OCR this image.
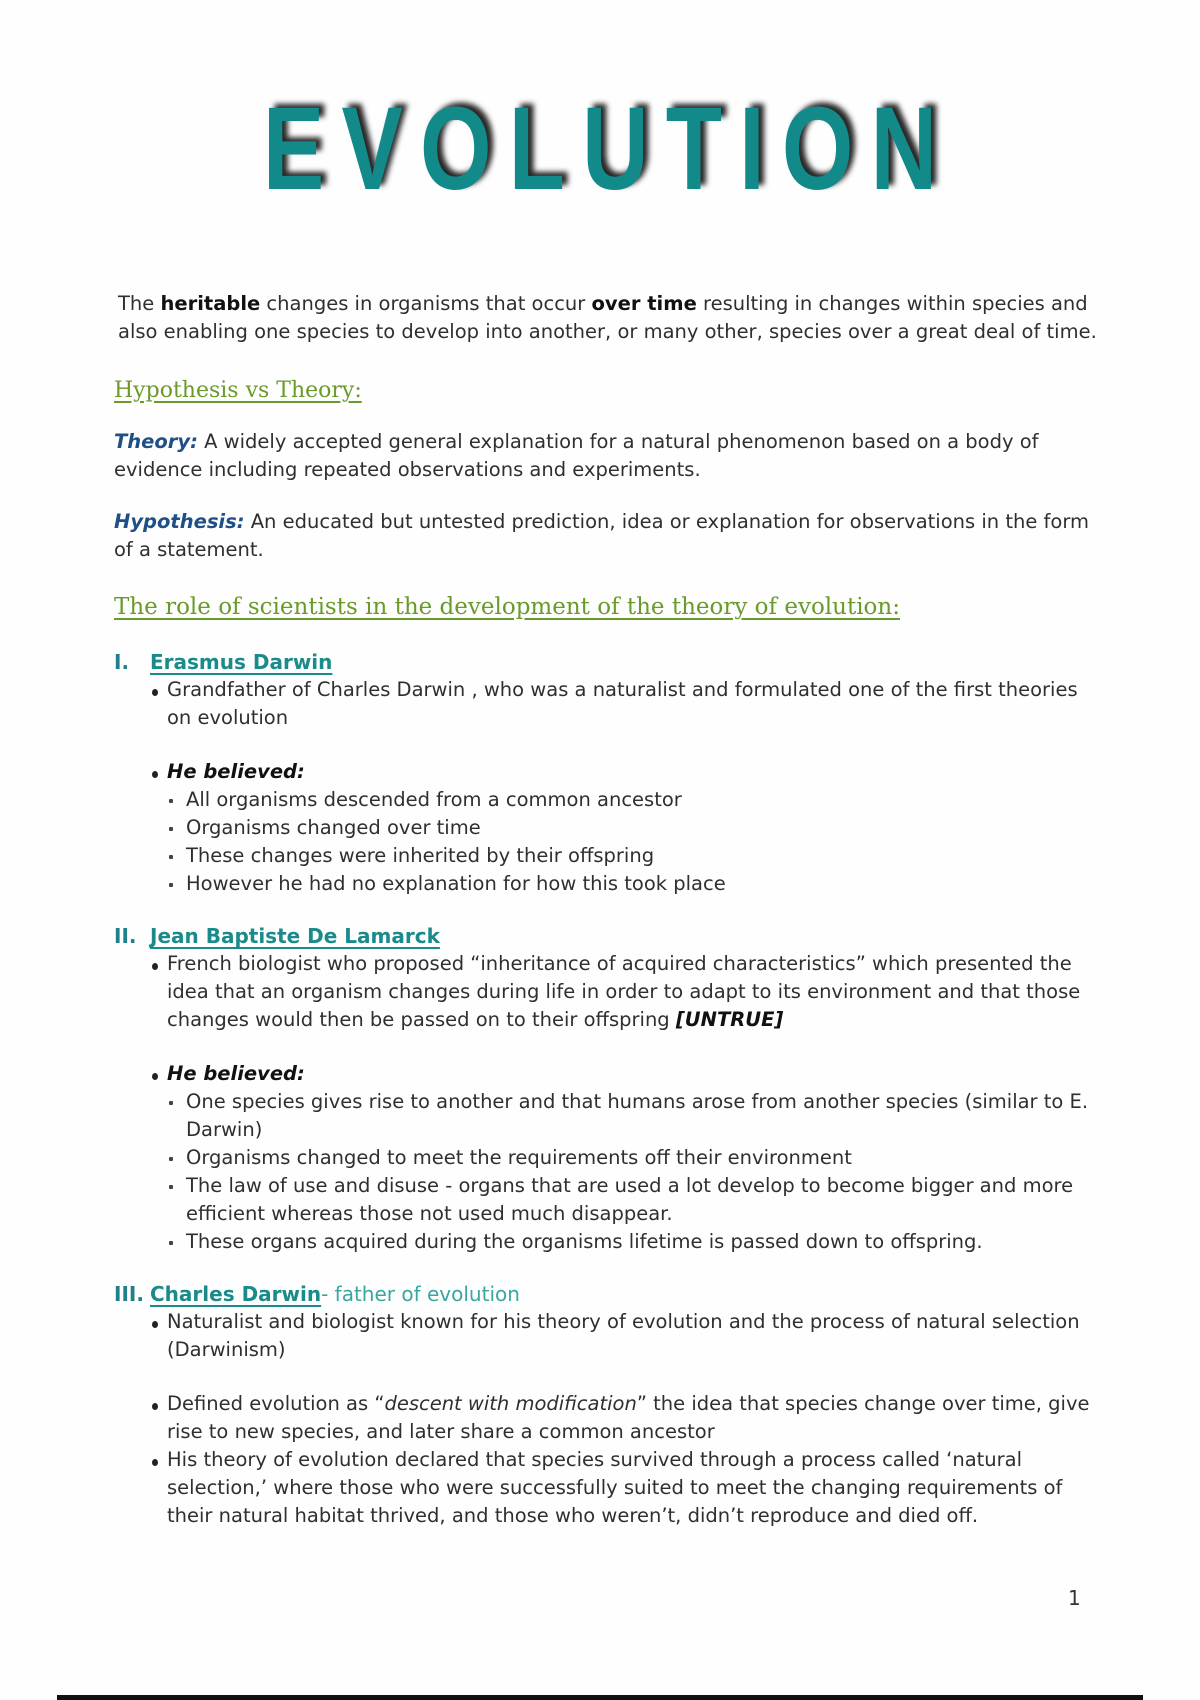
EVOLUTION

The heritable changes in organisms that occur over time resulting in changes within species and also enabling one species to develop into another, or many other, species over a great deal of time.

Hypothesis vs Theory:

Theory: A widely accepted general explanation for a natural phenomenon based on a body of evidence including repeated observations and experiments.

Hypothesis: An educated but untested prediction, idea or explanation for observations in the form of a statement.

The role of scientists in the development of the theory of evolution:
I.	Erasmus Darwin
Grandfather of Charles Darwin , who was a naturalist and formulated one of the first theories on evolution
He believed:
All organisms descended from a common ancestor
Organisms changed over time
These changes were inherited by their offspring
However he had no explanation for how this took place
II. Jean Baptiste De Lamarck
French biologist who proposed “inheritance of acquired characteristics” which presented the idea that an organism changes during life in order to adapt to its environment and that those changes would then be passed on to their offspring [UNTRUE]
He believed:
One species gives rise to another and that humans arose from another species (similar to E. Darwin)
Organisms changed to meet the requirements off their environment
The law of use and disuse - organs that are used a lot develop to become bigger and more efficient whereas those not used much disappear.
These organs acquired during the organisms lifetime is passed down to offspring.
III. Charles Darwin - father of evolution
Naturalist and biologist known for his theory of evolution and the process of natural selection (Darwinism)
Defined evolution as “descent with modification” the idea that species change over time, give rise to new species, and later share a common ancestor
His theory of evolution declared that species survived through a process called ‘natural selection,’ where those who were successfully suited to meet the changing requirements of their natural habitat thrived, and those who weren’t, didn’t reproduce and died off.
1
